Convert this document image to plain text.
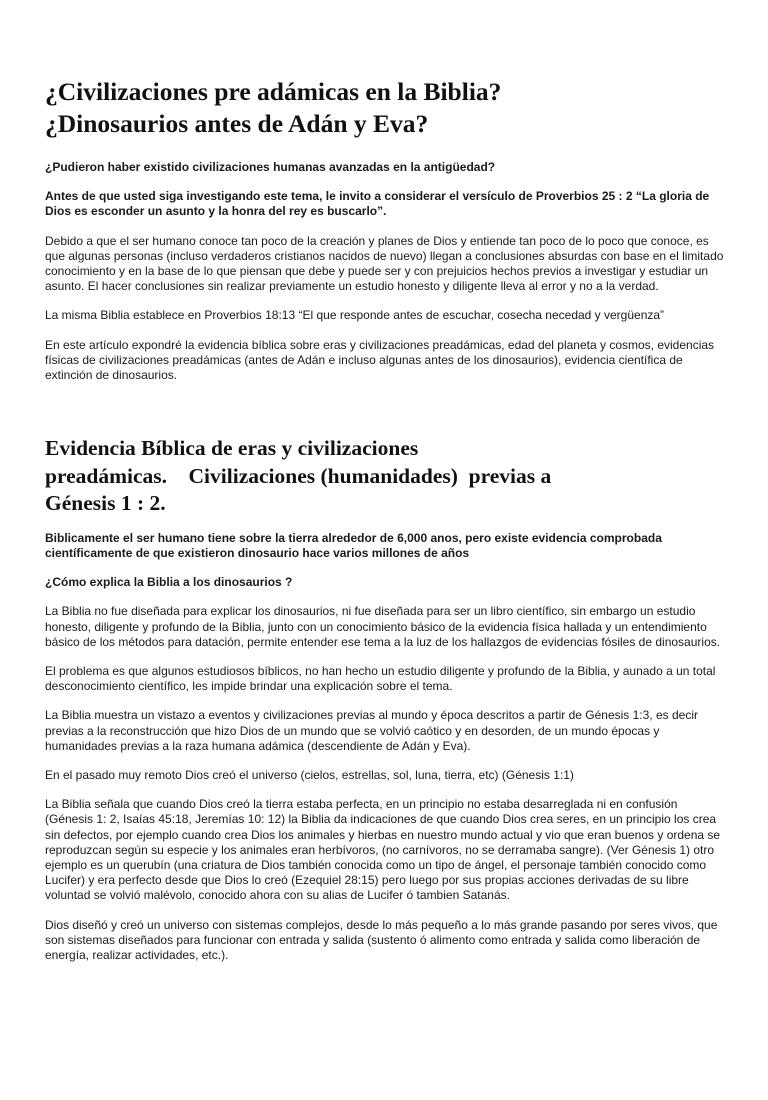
¿Civilizaciones pre adámicas en la Biblia?
¿Dinosaurios antes de Adán y Eva?

¿Pudieron haber existido civilizaciones humanas avanzadas en la antigüedad?

Antes de que usted siga investigando este tema, le invito a considerar el versículo de Proverbios 25 : 2 “La gloria de Dios es esconder un asunto y la honra del rey es buscarlo”.

Debido a que el ser humano conoce tan poco de la creación y planes de Dios y entiende tan poco de lo poco que conoce, es que algunas personas (incluso verdaderos cristianos nacidos de nuevo) llegan a conclusiones absurdas con base en el limitado conocimiento y en la base de lo que piensan que debe y puede ser y con prejuicios hechos previos a investigar y estudiar un asunto. El hacer conclusiones sin realizar previamente un estudio honesto y diligente lleva al error y no a la verdad.

La misma Biblia establece en Proverbios 18:13 “El que responde antes de escuchar, cosecha necedad y vergüenza”

En este artículo expondré la evidencia bíblica sobre eras y civilizaciones preadámicas, edad del planeta y cosmos, evidencias físicas de civilizaciones preadámicas (antes de Adán e incluso algunas antes de los dinosaurios), evidencia científica de extinción de dinosaurios.

Evidencia Bíblica de eras y civilizaciones
preadámicas.    Civilizaciones (humanidades)  previas a
Génesis 1 : 2.

Biblicamente el ser humano tiene sobre la tierra alrededor de 6,000 anos, pero existe evidencia comprobada científicamente de que existieron dinosaurio hace varios millones de años

¿Cómo explica la Biblia a los dinosaurios ?

La Biblia no fue diseñada para explicar los dinosaurios, ni fue diseñada para ser un libro científico, sin embargo un estudio honesto, diligente y profundo de la Biblia, junto con un conocimiento básico de la evidencia física hallada y un entendimiento básico de los métodos para datación, permite entender ese tema a la luz de los hallazgos de evidencias fósiles de dinosaurios.

El problema es que algunos estudiosos bíblicos, no han hecho un estudio diligente y profundo de la Biblia, y aunado a un total desconocimiento científico, les impide brindar una explicación sobre el tema.

La Biblia muestra un vistazo a eventos y civilizaciones previas al mundo y época descritos a partir de Génesis 1:3, es decir previas a la reconstrucción que hizo Dios de un mundo que se volvió caótico y en desorden, de un mundo épocas y humanidades previas a la raza humana adámica (descendiente de Adán y Eva).

En el pasado muy remoto Dios creó el universo (cielos, estrellas, sol, luna, tierra, etc) (Génesis 1:1)

La Biblia señala que cuando Dios creó la tierra estaba perfecta, en un principio no estaba desarreglada ni en confusión (Génesis 1: 2, Isaías 45:18, Jeremías 10: 12) la Biblia da indicaciones de que cuando Dios crea seres, en un principio los crea sin defectos, por ejemplo cuando crea Dios los animales y hierbas en nuestro mundo actual y vio que eran buenos y ordena se reproduzcan según su especie y los animales eran herbívoros, (no carnívoros, no se derramaba sangre). (Ver Génesis 1) otro ejemplo es un querubín (una criatura de Dios también conocida como un tipo de ángel, el personaje también conocido como Lucifer) y era perfecto desde que Dios lo creó (Ezequiel 28:15) pero luego por sus propias acciones derivadas de su libre voluntad se volvió malévolo, conocido ahora con su alias de Lucifer ó tambien Satanás.

Dios diseñó y creó un universo con sistemas complejos, desde lo más pequeño a lo más grande pasando por seres vivos, que son sistemas diseñados para funcionar con entrada y salida (sustento ó alimento como entrada y salida como liberación de energía, realizar actividades, etc.).
